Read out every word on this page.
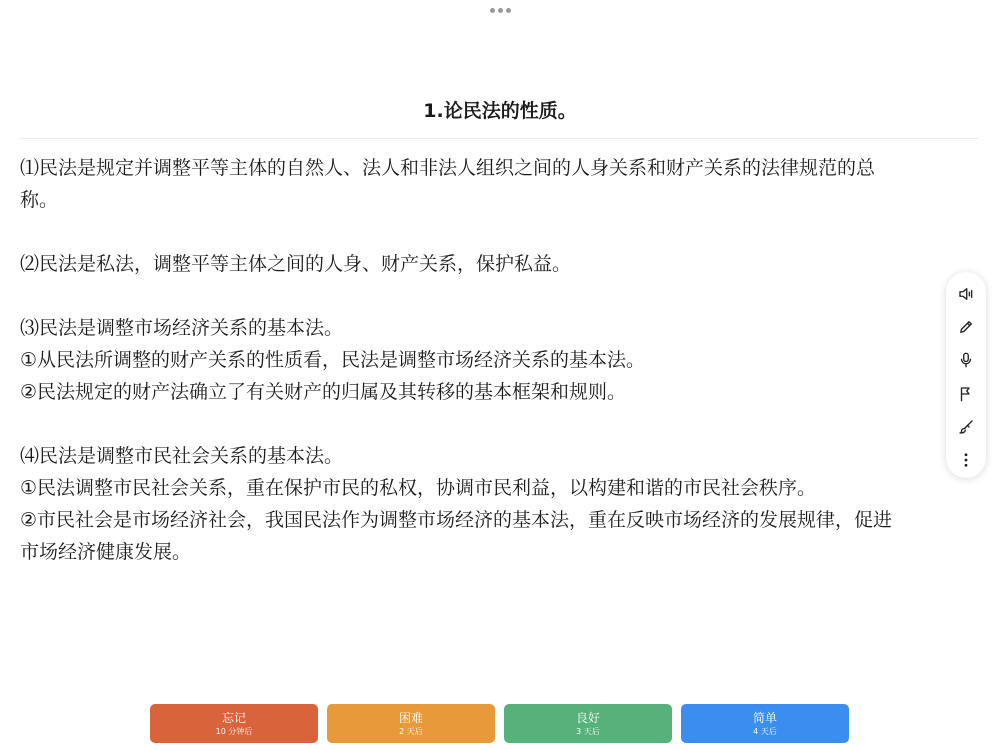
1.论民法的性质。

⑴民法是规定并调整平等主体的自然人、法人和非法人组织之间的人身关系和财产关系的法律规范的总
称。

⑵民法是私法，调整平等主体之间的人身、财产关系，保护私益。

⑶民法是调整市场经济关系的基本法。
①从民法所调整的财产关系的性质看，民法是调整市场经济关系的基本法。
②民法规定的财产法确立了有关财产的归属及其转移的基本框架和规则。

⑷民法是调整市民社会关系的基本法。
①民法调整市民社会关系，重在保护市民的私权，协调市民利益，以构建和谐的市民社会秩序。
②市民社会是市场经济社会，我国民法作为调整市场经济的基本法，重在反映市场经济的发展规律，促进
市场经济健康发展。

忘记
10 分钟后
困难
2 天后
良好
3 天后
简单
4 天后
